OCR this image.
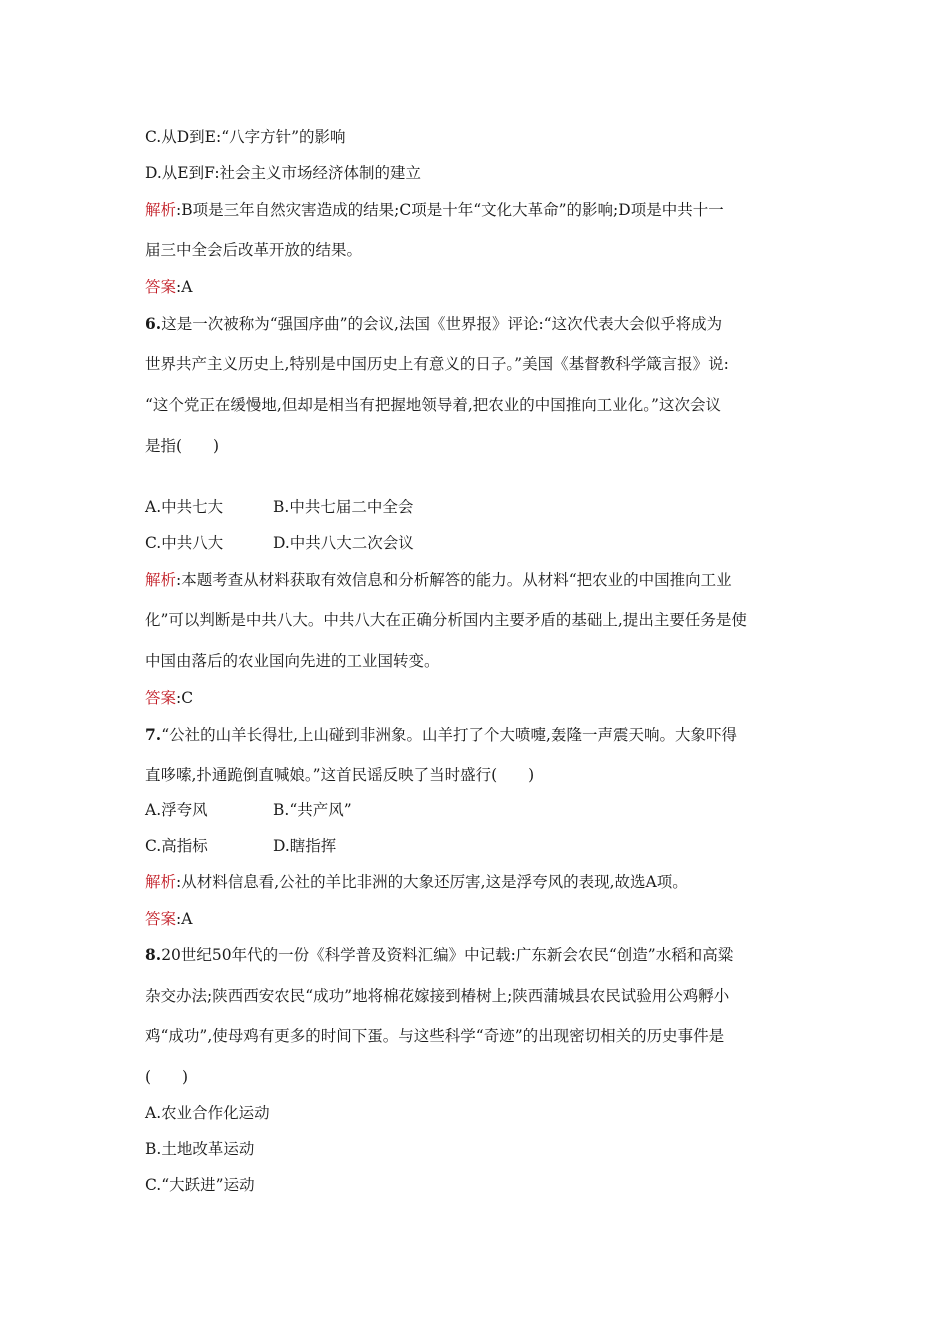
C.从D到E:“八字方针”的影响
D.从E到F:社会主义市场经济体制的建立
解析:B项是三年自然灾害造成的结果;C项是十年“文化大革命”的影响;D项是中共十一
届三中全会后改革开放的结果。
答案:A
6.这是一次被称为“强国序曲”的会议,法国《世界报》评论:“这次代表大会似乎将成为
世界共产主义历史上,特别是中国历史上有意义的日子。”美国《基督教科学箴言报》说:
“这个党正在缓慢地,但却是相当有把握地领导着,把农业的中国推向工业化。”这次会议
是指(　　)
A.中共七大	B.中共七届二中全会
C.中共八大	D.中共八大二次会议
解析:本题考查从材料获取有效信息和分析解答的能力。从材料“把农业的中国推向工业
化”可以判断是中共八大。中共八大在正确分析国内主要矛盾的基础上,提出主要任务是使
中国由落后的农业国向先进的工业国转变。
答案:C
7.“公社的山羊长得壮,上山碰到非洲象。山羊打了个大喷嚏,轰隆一声震天响。大象吓得
直哆嗦,扑通跪倒直喊娘。”这首民谣反映了当时盛行(　　)
A.浮夸风	B.“共产风”
C.高指标	D.瞎指挥
解析:从材料信息看,公社的羊比非洲的大象还厉害,这是浮夸风的表现,故选A项。
答案:A
8.20世纪50年代的一份《科学普及资料汇编》中记载:广东新会农民“创造”水稻和高粱
杂交办法;陕西西安农民“成功”地将棉花嫁接到椿树上;陕西蒲城县农民试验用公鸡孵小
鸡“成功”,使母鸡有更多的时间下蛋。与这些科学“奇迹”的出现密切相关的历史事件是
(　　)
A.农业合作化运动
B.土地改革运动
C.“大跃进”运动
